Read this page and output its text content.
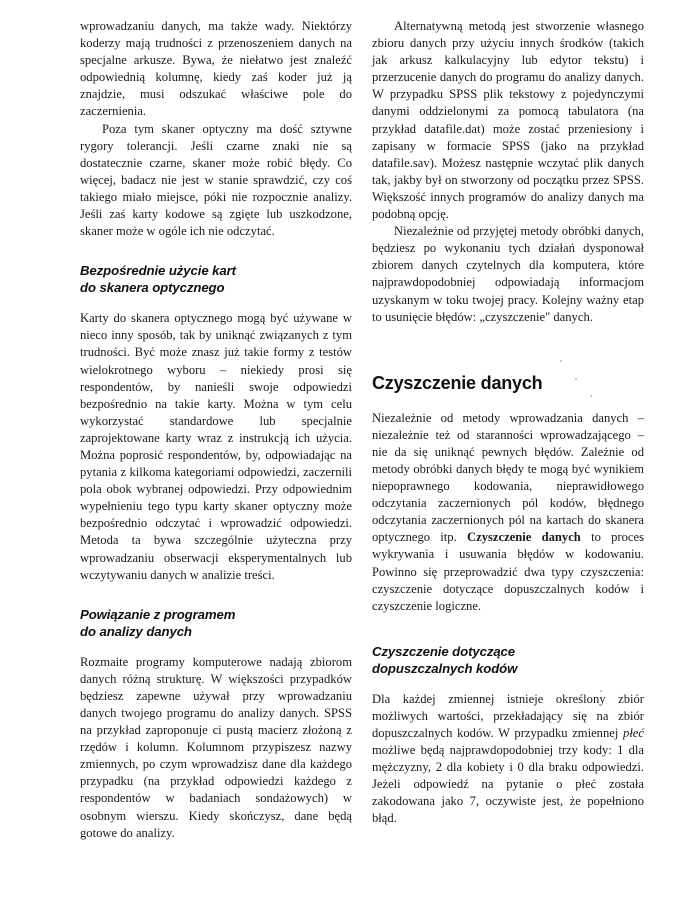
wprowadzaniu danych, ma także wady. Niektórzy koderzy mają trudności z przenoszeniem danych na specjalne arkusze. Bywa, że niełatwo jest znaleźć odpowiednią kolumnę, kiedy zaś koder już ją znajdzie, musi odszukać właściwe pole do zaczernienia.

Poza tym skaner optyczny ma dość sztywne rygory tolerancji. Jeśli czarne znaki nie są dostatecznie czarne, skaner może robić błędy. Co więcej, badacz nie jest w stanie sprawdzić, czy coś takiego miało miejsce, póki nie rozpocznie analizy. Jeśli zaś karty kodowe są zgięte lub uszkodzone, skaner może w ogóle ich nie odczytać.

Bezpośrednie użycie kart
do skanera optycznego

Karty do skanera optycznego mogą być używane w nieco inny sposób, tak by uniknąć związanych z tym trudności. Być może znasz już takie formy z testów wielokrotnego wyboru – niekiedy prosi się respondentów, by nanieśli swoje odpowiedzi bezpośrednio na takie karty. Można w tym celu wykorzystać standardowe lub specjalnie zaprojektowane karty wraz z instrukcją ich użycia. Można poprosić respondentów, by, odpowiadając na pytania z kilkoma kategoriami odpowiedzi, zaczernili pola obok wybranej odpowiedzi. Przy odpowiednim wypełnieniu tego typu karty skaner optyczny może bezpośrednio odczytać i wprowadzić odpowiedzi. Metoda ta bywa szczególnie użyteczna przy wprowadzaniu obserwacji eksperymentalnych lub wczytywaniu danych w analizie treści.

Powiązanie z programem
do analizy danych

Rozmaite programy komputerowe nadają zbiorom danych różną strukturę. W większości przypadków będziesz zapewne używał przy wprowadzaniu danych twojego programu do analizy danych. SPSS na przykład zaproponuje ci pustą macierz złożoną z rzędów i kolumn. Kolumnom przypiszesz nazwy zmiennych, po czym wprowadzisz dane dla każdego przypadku (na przykład odpowiedzi każdego z respondentów w badaniach sondażowych) w osobnym wierszu. Kiedy skończysz, dane będą gotowe do analizy.

Alternatywną metodą jest stworzenie własnego zbioru danych przy użyciu innych środków (takich jak arkusz kalkulacyjny lub edytor tekstu) i przerzucenie danych do programu do analizy danych. W przypadku SPSS plik tekstowy z pojedynczymi danymi oddzielonymi za pomocą tabulatora (na przykład datafile.dat) może zostać przeniesiony i zapisany w formacie SPSS (jako na przykład datafile.sav). Możesz następnie wczytać plik danych tak, jakby był on stworzony od początku przez SPSS. Większość innych programów do analizy danych ma podobną opcję.

Niezależnie od przyjętej metody obróbki danych, będziesz po wykonaniu tych działań dysponował zbiorem danych czytelnych dla komputera, które najprawdopodobniej odpowiadają informacjom uzyskanym w toku twojej pracy. Kolejny ważny etap to usunięcie błędów: „czyszczenie" danych.

Czyszczenie danych

Niezależnie od metody wprowadzania danych – niezależnie też od staranności wprowadzającego – nie da się uniknąć pewnych błędów. Zależnie od metody obróbki danych błędy te mogą być wynikiem niepoprawnego kodowania, nieprawidłowego odczytania zaczernionych pól kodów, błędnego odczytania zaczernionych pól na kartach do skanera optycznego itp. Czyszczenie danych to proces wykrywania i usuwania błędów w kodowaniu. Powinno się przeprowadzić dwa typy czyszczenia: czyszczenie dotyczące dopuszczalnych kodów i czyszczenie logiczne.

Czyszczenie dotyczące
dopuszczalnych kodów

Dla każdej zmiennej istnieje określony zbiór możliwych wartości, przekładający się na zbiór dopuszczalnych kodów. W przypadku zmiennej płeć możliwe będą najprawdopodobniej trzy kody: 1 dla mężczyzny, 2 dla kobiety i 0 dla braku odpowiedzi. Jeżeli odpowiedź na pytanie o płeć została zakodowana jako 7, oczywiste jest, że popełniono błąd.
